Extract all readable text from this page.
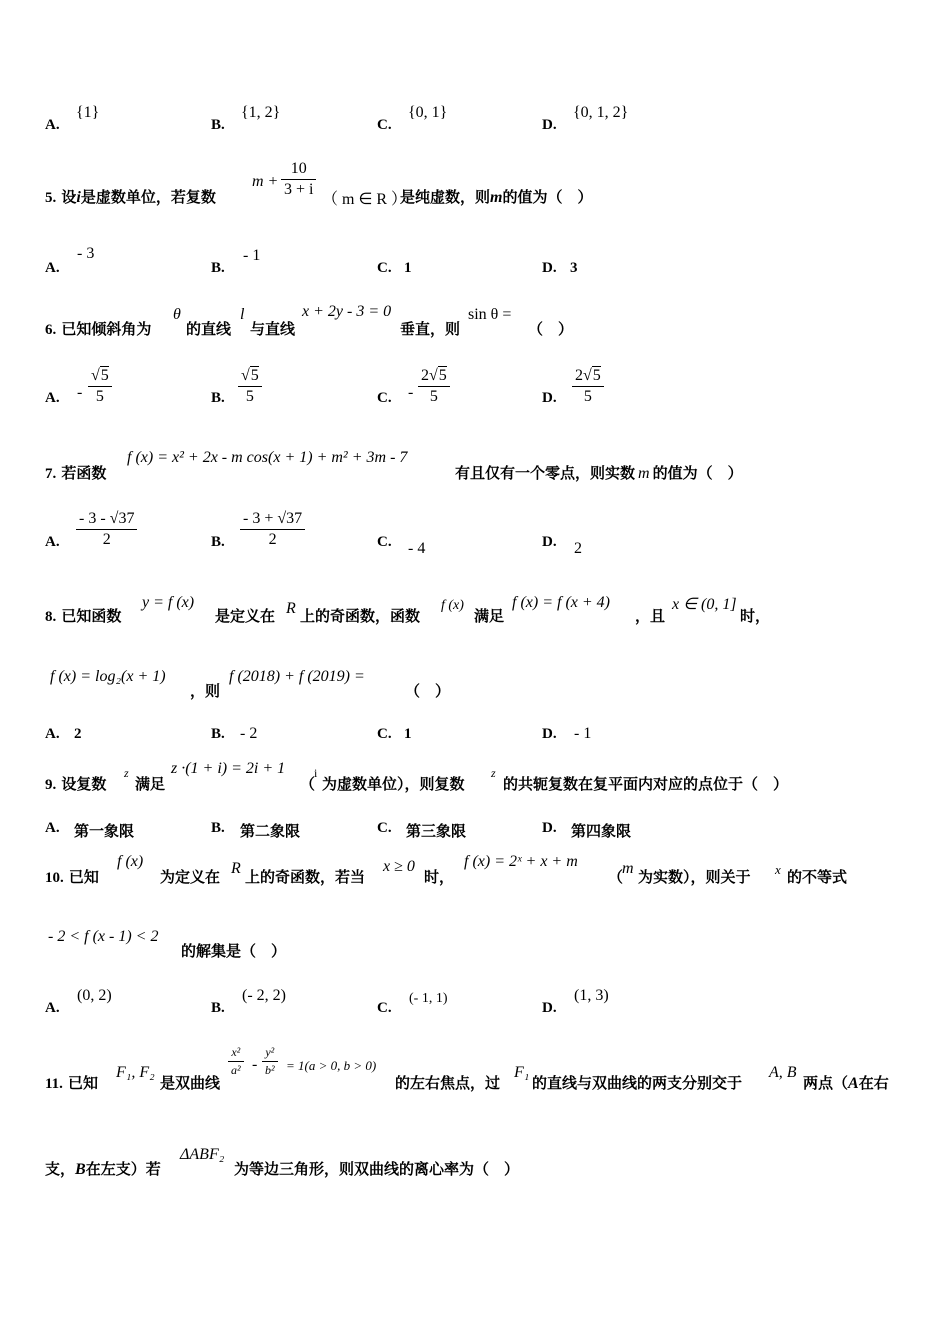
A.
{1}
B.
{1, 2}
C.
{0, 1}
D.
{0, 1, 2}
5. 设i是虚数单位，若复数
$m + \frac{10}{3 + i}$
（ m ∈ R ）
是纯虚数，则m的值为（　）
A.
- 3
B.
- 1
C. 1	D. 3
6. 已知倾斜角为
θ
的直线
l
与直线
x + 2y - 3 = 0
垂直，则
sin θ =
（　）
A. - $\frac{√5}{5}$	B. $\frac{√5}{5}$	C. - $\frac{2√5}{5}$	D. $\frac{2√5}{5}$
7. 若函数
f (x) = x² + 2x - m cos(x + 1) + m² + 3m - 7
有且仅有一个零点，则实数 m 的值为（　）
A. $\frac{- 3 - √37}{2}$	B. $\frac{- 3 + √37}{2}$	C. - 4	D. 2
8. 已知函数
y = f (x)
是定义在 R 上的奇函数，函数
f (x)
满足
f (x) = f (x + 4)
，且
x ∈ (0, 1]
时，
f (x) = log₂(x + 1)
，则
f (2018) + f (2019) =
（　）
A. 2	B. - 2	C. 1	D. - 1
9. 设复数
z
满足
z ·(1 + i) = 2i + 1
（
i
为虚数单位），则复数
z
的共轭复数在复平面内对应的点位于（　）
A. 第一象限	B. 第二象限	C. 第三象限	D. 第四象限
10. 已知
f (x)
为定义在 R 上的奇函数，若当
x ≥ 0
时，
f (x) = 2ˣ + x + m
（
m 为实数），则关于 x 的不等式
- 2 < f (x - 1) < 2
的解集是（　）
A.
(0, 2)
B.
(- 2, 2)
C.
(- 1, 1)
D.
(1, 3)
11. 已知
F₁, F₂
是双曲线
$\frac{\text{x²}}{\text{a²}} - \frac{\text{y²}}{\text{b²}} = 1(a > 0$, b > 0)
的左右焦点，过
F₁
的直线与双曲线的两支分别交于
A, B
两点（A在右
支，B在左支）若
ΔABF₂
为等边三角形，则双曲线的离心率为（　）
